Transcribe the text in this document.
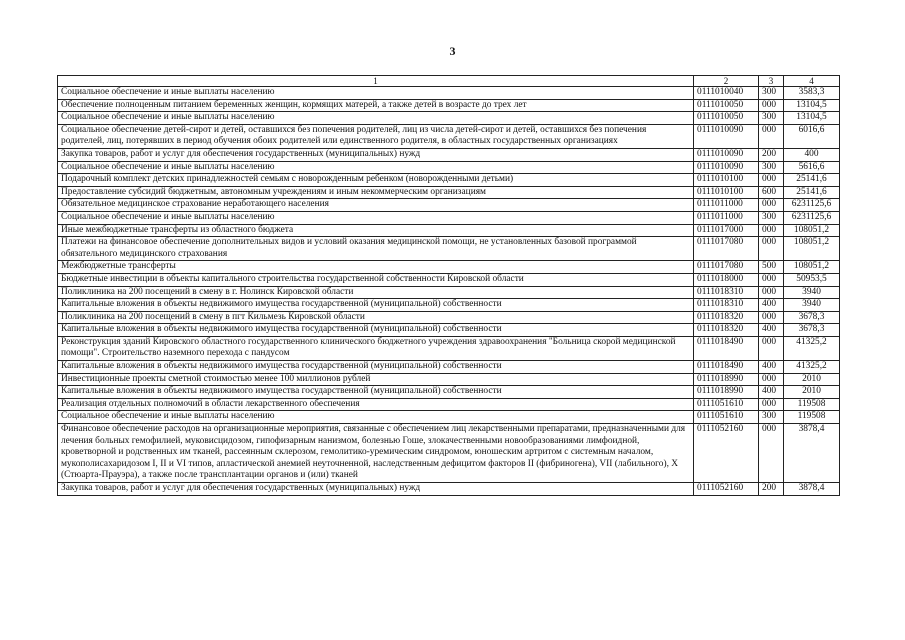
3
1	2	3	4
Социальное обеспечение и иные выплаты населению	0111010040	300	3583,3
Обеспечение полноценным питанием беременных женщин, кормящих матерей, а также детей в возрасте до трех лет	0111010050	000	13104,5
Социальное обеспечение и иные выплаты населению	0111010050	300	13104,5
Социальное обеспечение детей-сирот и детей, оставшихся без попечения родителей, лиц из числа детей-сирот и детей, оставшихся без попечения родителей, лиц, потерявших в период обучения обоих родителей или единственного родителя, в областных государственных организациях	0111010090	000	6016,6
Закупка товаров, работ и услуг для обеспечения государственных (муниципальных) нужд	0111010090	200	400
Социальное обеспечение и иные выплаты населению	0111010090	300	5616,6
Подарочный комплект детских принадлежностей семьям с новорожденным ребенком (новорожденными детьми)	0111010100	000	25141,6
Предоставление субсидий бюджетным, автономным учреждениям и иным некоммерческим организациям	0111010100	600	25141,6
Обязательное медицинское страхование неработающего населения	0111011000	000	6231125,6
Социальное обеспечение и иные выплаты населению	0111011000	300	6231125,6
Иные межбюджетные трансферты из областного бюджета	0111017000	000	108051,2
Платежи на финансовое обеспечение дополнительных видов и условий оказания медицинской помощи, не установленных базовой программой обязательного медицинского страхования	0111017080	000	108051,2
Межбюджетные трансферты	0111017080	500	108051,2
Бюджетные инвестиции в объекты капитального строительства государственной собственности Кировской области	0111018000	000	50953,5
Поликлиника на 200 посещений в смену в г. Нолинск Кировской области	0111018310	000	3940
Капитальные вложения в объекты недвижимого имущества государственной (муниципальной) собственности	0111018310	400	3940
Поликлиника на 200 посещений в смену в пгт Кильмезь Кировской области	0111018320	000	3678,3
Капитальные вложения в объекты недвижимого имущества государственной (муниципальной) собственности	0111018320	400	3678,3
Реконструкция зданий Кировского областного государственного клинического бюджетного учреждения здравоохранения "Больница скорой медицинской помощи". Строительство наземного перехода с пандусом	0111018490	000	41325,2
Капитальные вложения в объекты недвижимого имущества государственной (муниципальной) собственности	0111018490	400	41325,2
Инвестиционные проекты сметной стоимостью менее 100 миллионов рублей	0111018990	000	2010
Капитальные вложения в объекты недвижимого имущества государственной (муниципальной) собственности	0111018990	400	2010
Реализация отдельных полномочий в области лекарственного обеспечения	0111051610	000	119508
Социальное обеспечение и иные выплаты населению	0111051610	300	119508
Финансовое обеспечение расходов на организационные мероприятия, связанные с обеспечением лиц лекарственными препаратами, предназначенными для лечения больных гемофилией, муковисцидозом, гипофизарным нанизмом, болезнью Гоше, злокачественными новообразованиями лимфоидной, кроветворной и родственных им тканей, рассеянным склерозом, гемолитико-уремическим синдромом, юношеским артритом с системным началом, мукополисахаридозом I, II и VI типов, апластической анемией неуточненной, наследственным дефицитом факторов II (фибриногена), VII (лабильного), X (Стюарта-Прауэра), а также после трансплантации органов и (или) тканей	0111052160	000	3878,4
Закупка товаров, работ и услуг для обеспечения государственных (муниципальных) нужд	0111052160	200	3878,4
